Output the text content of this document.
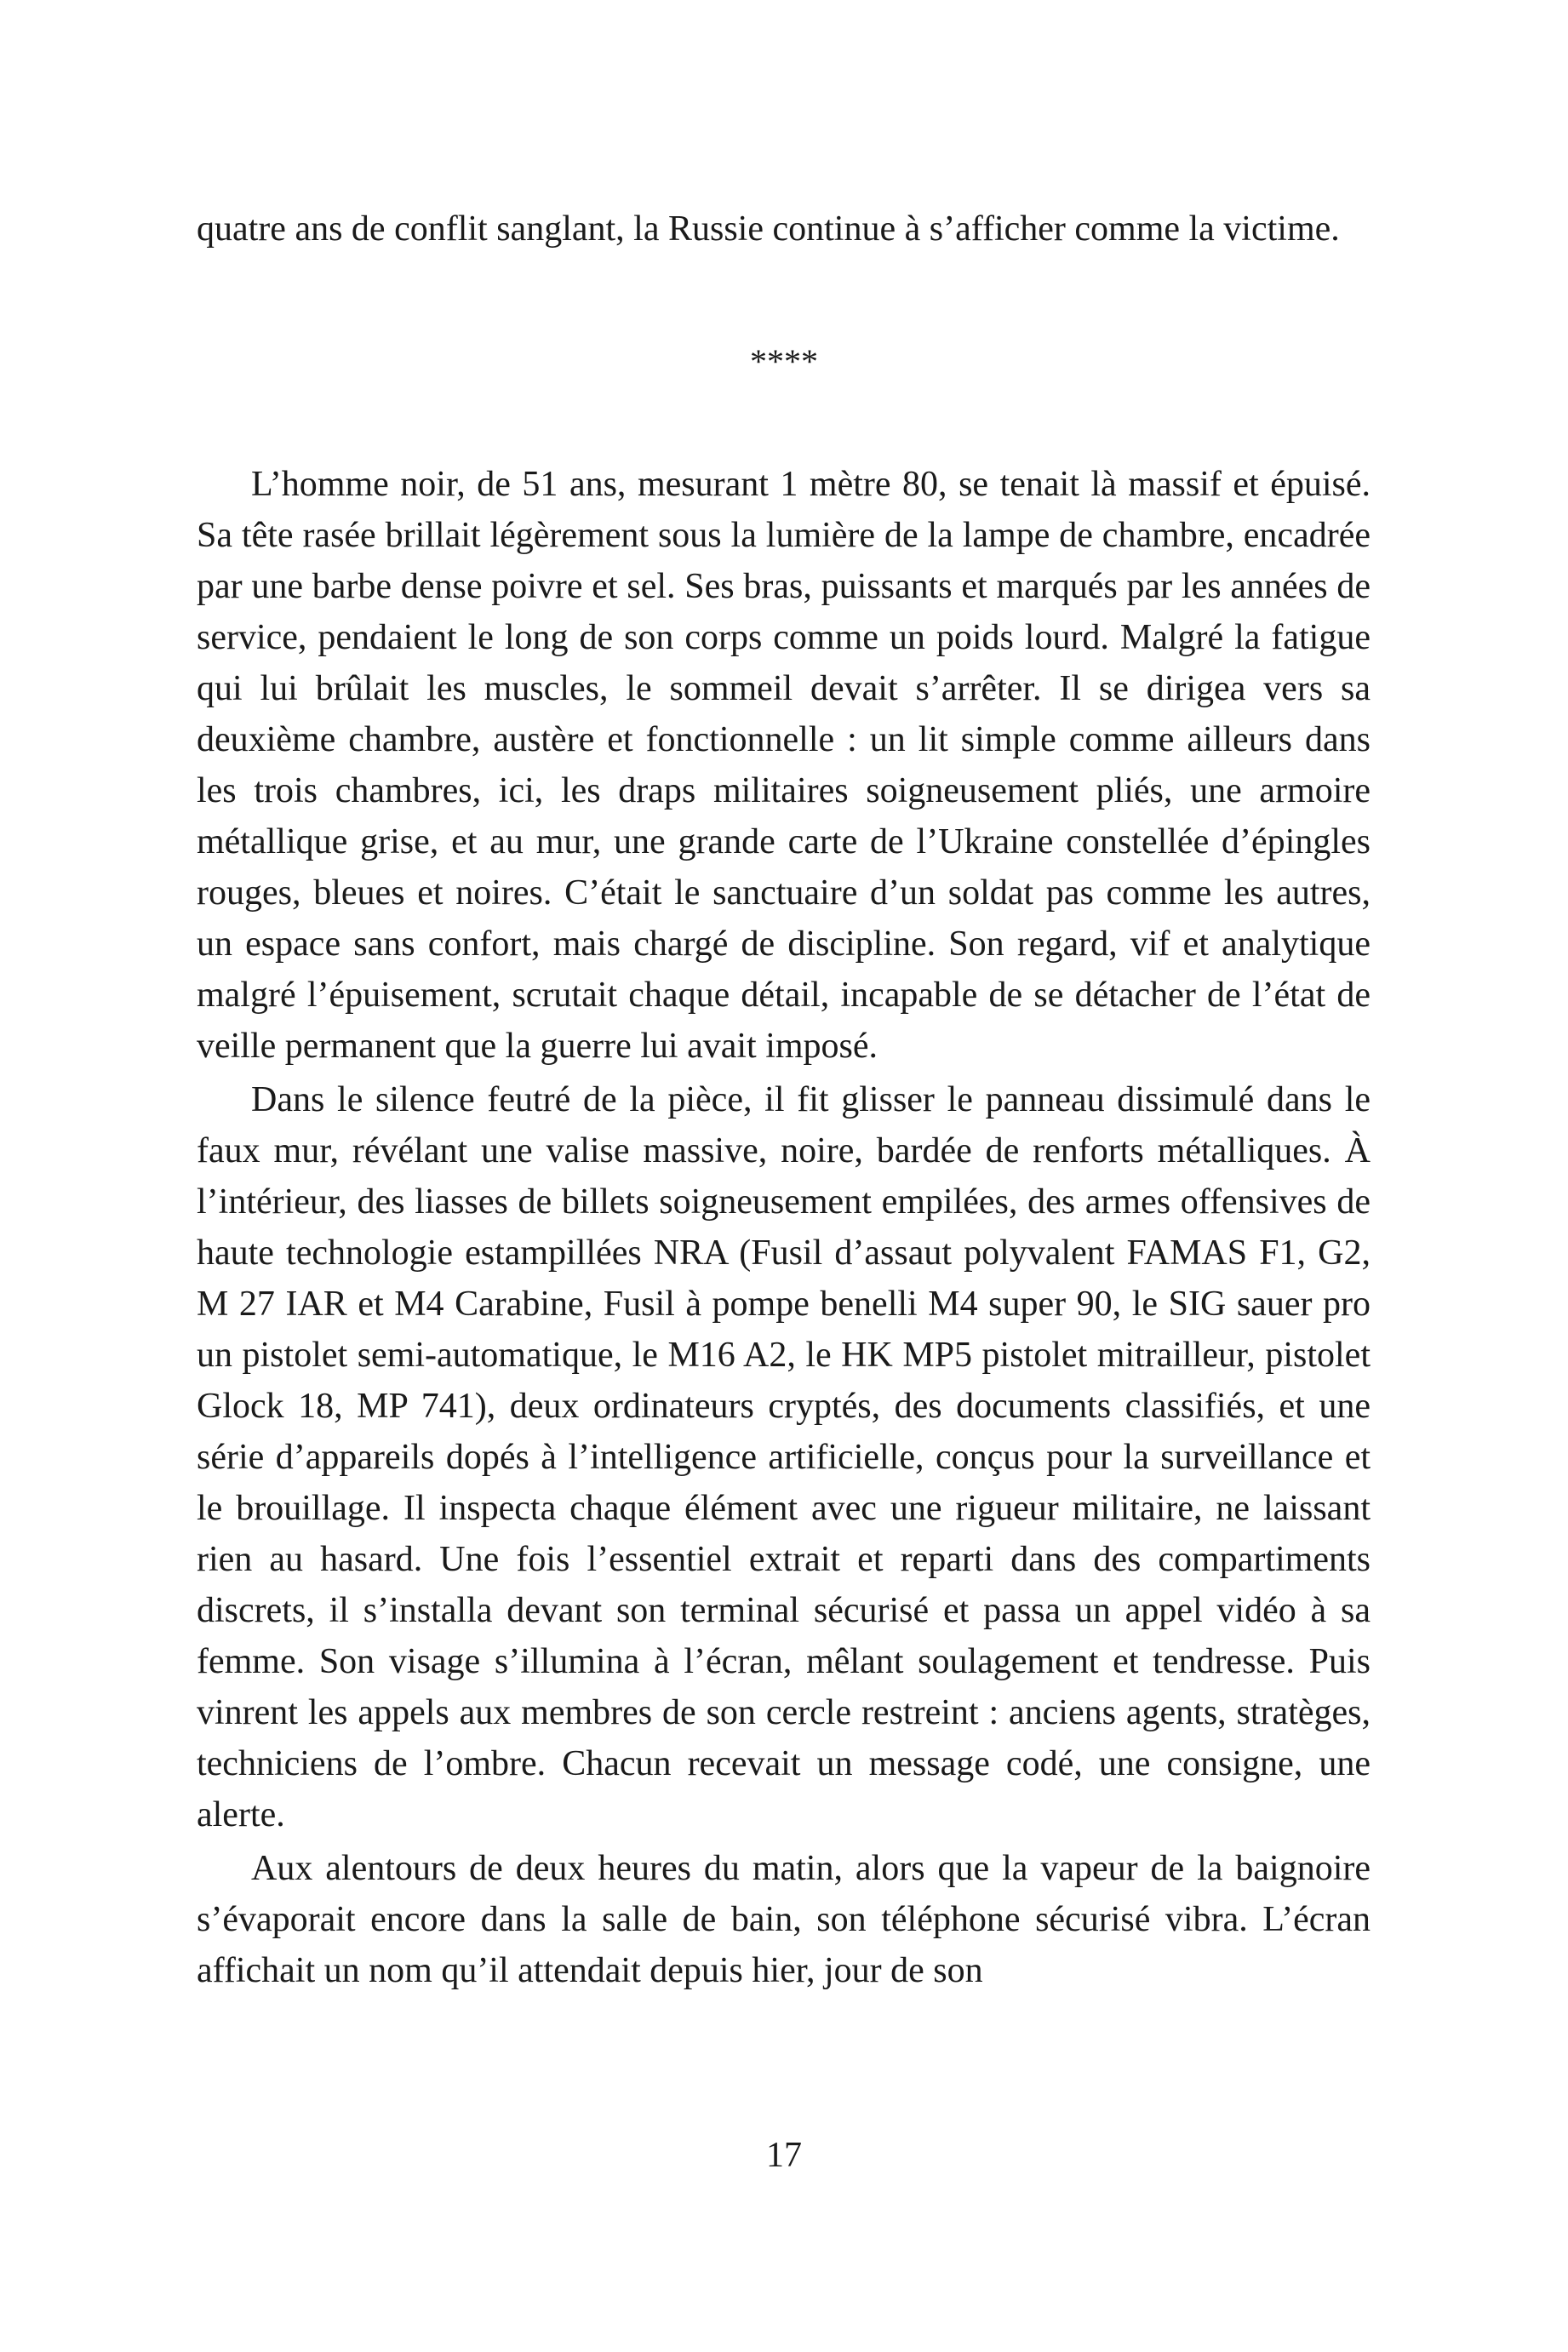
quatre ans de conflit sanglant, la Russie continue à s’afficher comme la victime.

****

L’homme noir, de 51 ans, mesurant 1 mètre 80, se tenait là massif et épuisé. Sa tête rasée brillait légèrement sous la lumière de la lampe de chambre, encadrée par une barbe dense poivre et sel. Ses bras, puissants et marqués par les années de service, pendaient le long de son corps comme un poids lourd. Malgré la fatigue qui lui brûlait les muscles, le sommeil devait s’arrêter. Il se dirigea vers sa deuxième chambre, austère et fonctionnelle : un lit simple comme ailleurs dans les trois chambres, ici, les draps militaires soigneusement pliés, une armoire métallique grise, et au mur, une grande carte de l’Ukraine constellée d’épingles rouges, bleues et noires. C’était le sanctuaire d’un soldat pas comme les autres, un espace sans confort, mais chargé de discipline. Son regard, vif et analytique malgré l’épuisement, scrutait chaque détail, incapable de se détacher de l’état de veille permanent que la guerre lui avait imposé.

Dans le silence feutré de la pièce, il fit glisser le panneau dissimulé dans le faux mur, révélant une valise massive, noire, bardée de renforts métalliques. À l’intérieur, des liasses de billets soigneusement empilées, des armes offensives de haute technologie estampillées NRA (Fusil d’assaut polyvalent FAMAS F1, G2, M 27 IAR et M4 Carabine, Fusil à pompe benelli M4 super 90, le SIG sauer pro un pistolet semi-automatique, le M16 A2, le HK MP5 pistolet mitrailleur, pistolet Glock 18, MP 741), deux ordinateurs cryptés, des documents classifiés, et une série d’appareils dopés à l’intelligence artificielle, conçus pour la surveillance et le brouillage. Il inspecta chaque élément avec une rigueur militaire, ne laissant rien au hasard. Une fois l’essentiel extrait et reparti dans des compartiments discrets, il s’installa devant son terminal sécurisé et passa un appel vidéo à sa femme. Son visage s’illumina à l’écran, mêlant soulagement et tendresse. Puis vinrent les appels aux membres de son cercle restreint : anciens agents, stratèges, techniciens de l’ombre. Chacun recevait un message codé, une consigne, une alerte.

Aux alentours de deux heures du matin, alors que la vapeur de la baignoire s’évaporait encore dans la salle de bain, son téléphone sécurisé vibra. L’écran affichait un nom qu’il attendait depuis hier, jour de son

17
